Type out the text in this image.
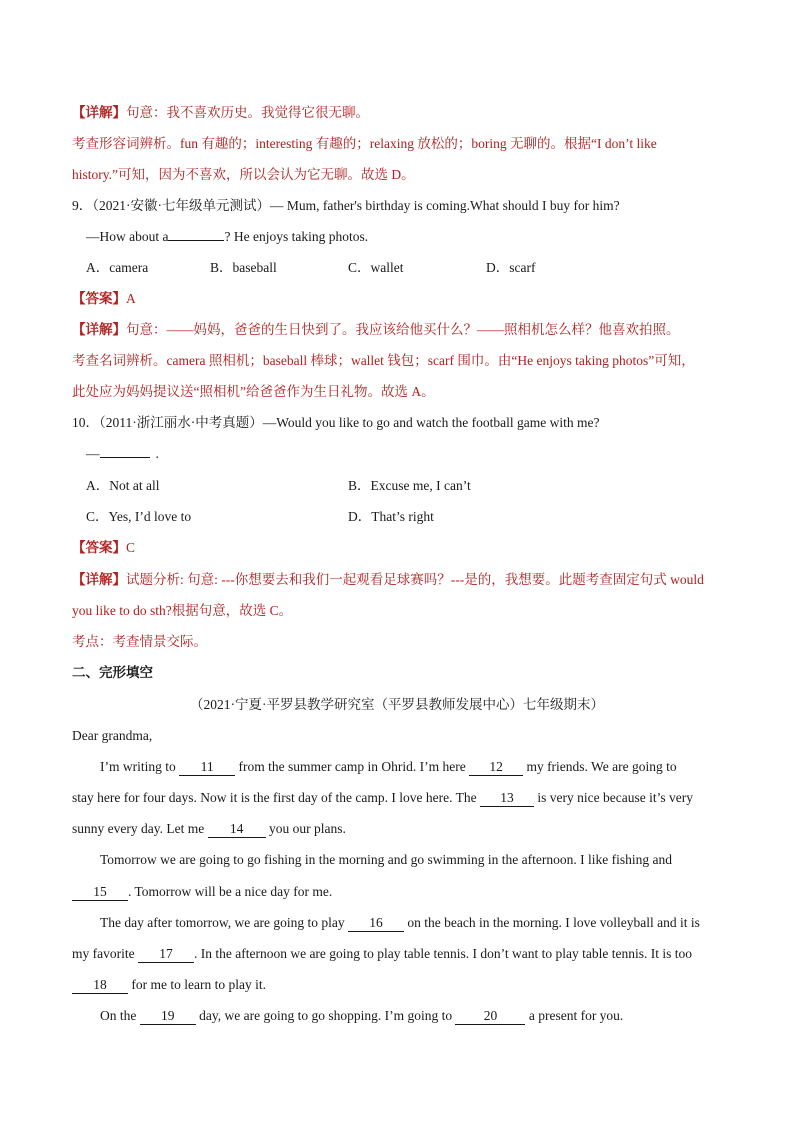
【详解】句意：我不喜欢历史。我觉得它很无聊。
考查形容词辨析。fun 有趣的；interesting 有趣的；relaxing 放松的；boring 无聊的。根据“I don’t like
history.”可知，因为不喜欢，所以会认为它无聊。故选 D。
9．（2021·安徽·七年级单元测试）— Mum, father's birthday is coming.What should I buy for him?
—How about a	? He enjoys taking photos.
A．camera	B．baseball	C．wallet	D．scarf
【答案】A
【详解】句意：——妈妈，爸爸的生日快到了。我应该给他买什么？——照相机怎么样？他喜欢拍照。
考查名词辨析。camera 照相机；baseball 棒球；wallet 钱包；scarf 围巾。由“He enjoys taking photos”可知，
此处应为妈妈提议送“照相机”给爸爸作为生日礼物。故选 A。
10．（2011·浙江丽水·中考真题）—Would you like to go and watch the football game with me?
—	.
A．Not at all	B．Excuse me, I can’t
C．Yes, I’d love to	D．That’s right
【答案】C
【详解】试题分析: 句意: ---你想要去和我们一起观看足球赛吗？---是的，我想要。此题考查固定句式 would
you like to do sth?根据句意，故选 C。
考点：考查情景交际。
二、完形填空
（2021·宁夏·平罗县教学研究室（平罗县教师发展中心）七年级期末）
Dear grandma,
I’m writing to 11 from the summer camp in Ohrid. I’m here 12 my friends. We are going to
stay here for four days. Now it is the first day of the camp. I love here. The 13 is very nice because it’s very
sunny every day. Let me 14 you our plans.
Tomorrow we are going to go fishing in the morning and go swimming in the afternoon. I like fishing and
15 . Tomorrow will be a nice day for me.
The day after tomorrow, we are going to play 16 on the beach in the morning. I love volleyball and it is
my favorite 17 . In the afternoon we are going to play table tennis. I don’t want to play table tennis. It is too
18 for me to learn to play it.
On the 19 day, we are going to go shopping. I’m going to 20 a present for you.
